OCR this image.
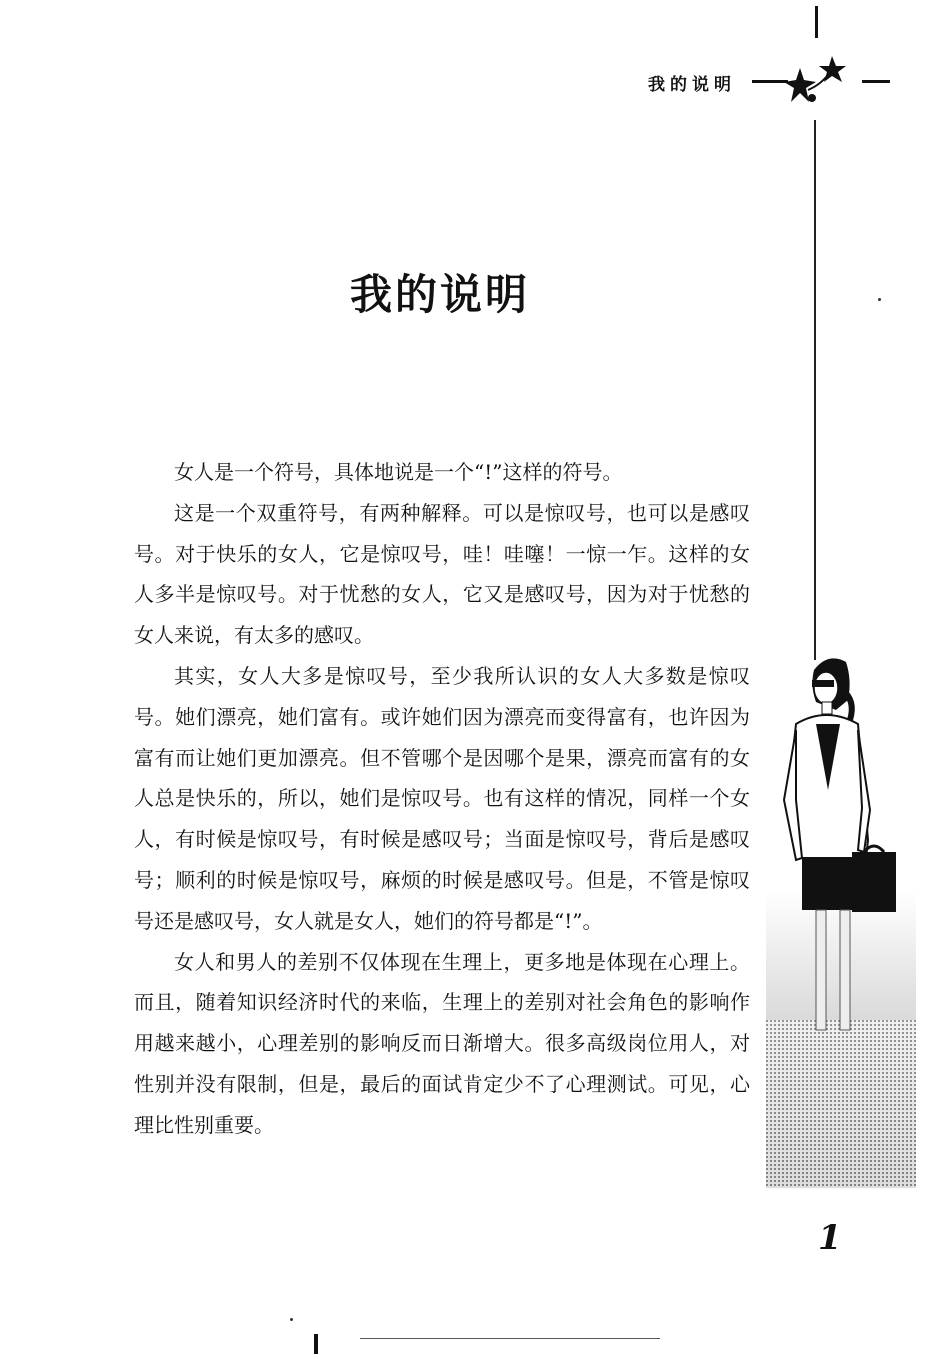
我的说明
我的说明

女人是一个符号，具体地说是一个“!”这样的符号。

这是一个双重符号，有两种解释。可以是惊叹号，也可以是感叹号。对于快乐的女人，它是惊叹号，哇！哇噻！一惊一乍。这样的女人多半是惊叹号。对于忧愁的女人，它又是感叹号，因为对于忧愁的女人来说，有太多的感叹。

其实，女人大多是惊叹号，至少我所认识的女人大多数是惊叹号。她们漂亮，她们富有。或许她们因为漂亮而变得富有，也许因为富有而让她们更加漂亮。但不管哪个是因哪个是果，漂亮而富有的女人总是快乐的，所以，她们是惊叹号。也有这样的情况，同样一个女人，有时候是惊叹号，有时候是感叹号；当面是惊叹号，背后是感叹号；顺利的时候是惊叹号，麻烦的时候是感叹号。但是，不管是惊叹号还是感叹号，女人就是女人，她们的符号都是“!”。

女人和男人的差别不仅体现在生理上，更多地是体现在心理上。而且，随着知识经济时代的来临，生理上的差别对社会角色的影响作用越来越小，心理差别的影响反而日渐增大。很多高级岗位用人，对性别并没有限制，但是，最后的面试肯定少不了心理测试。可见，心理比性别重要。

1
